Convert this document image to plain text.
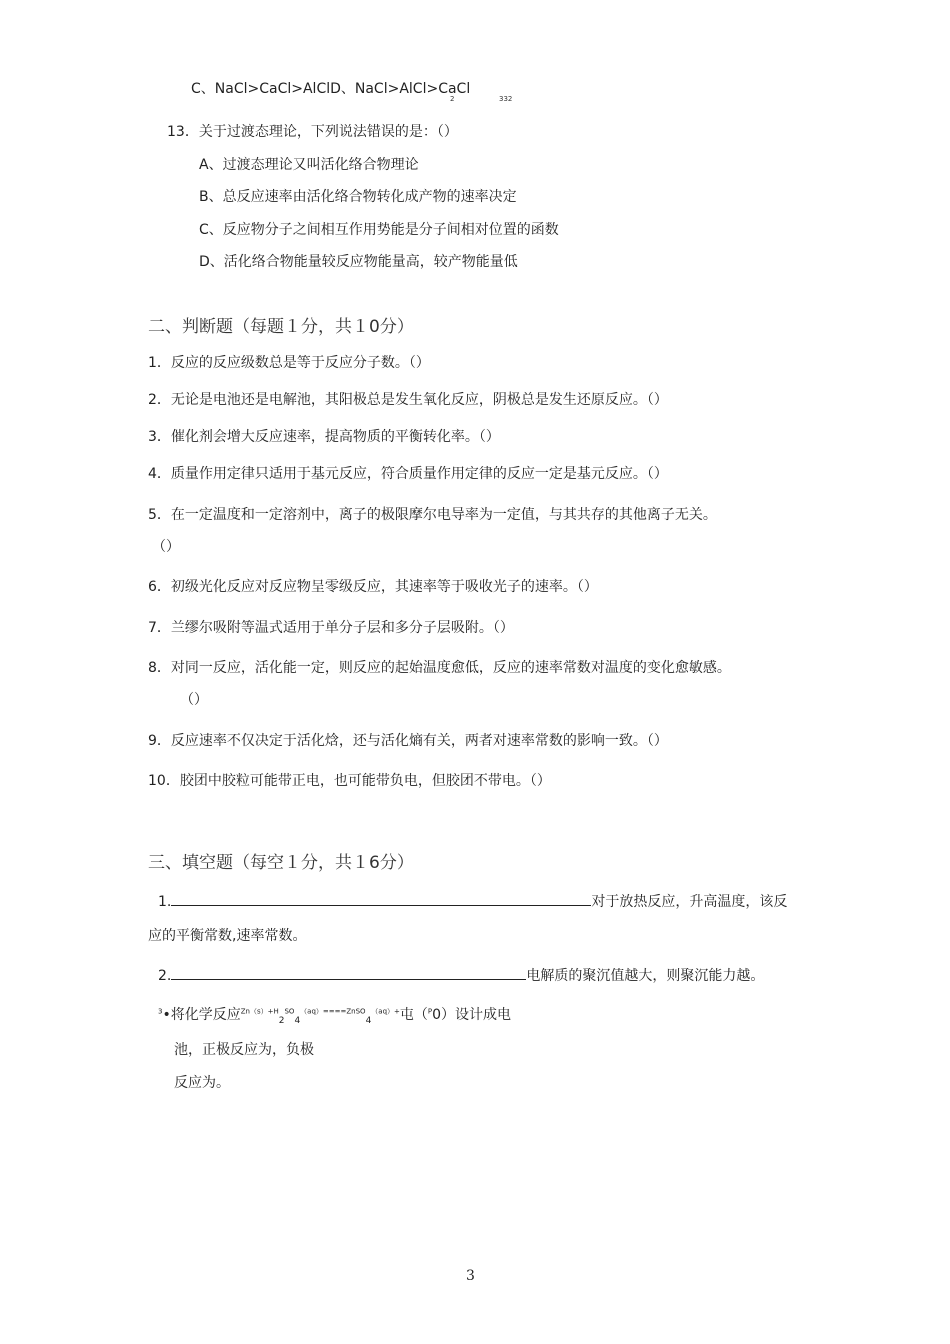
C、NaCl>CaCl>AlClD、NaCl>AlCl>CaCl
2	332
13．关于过渡态理论，下列说法错误的是：（）
A、过渡态理论又叫活化络合物理论
B、总反应速率由活化络合物转化成产物的速率决定
C、反应物分子之间相互作用势能是分子间相对位置的函数
D、活化络合物能量较反应物能量高，较产物能量低
二、判断题（每题１分，共１0分）
1．反应的反应级数总是等于反应分子数。（）
2．无论是电池还是电解池，其阳极总是发生氧化反应，阴极总是发生还原反应。（）
3．催化剂会增大反应速率，提高物质的平衡转化率。（）
4．质量作用定律只适用于基元反应，符合质量作用定律的反应一定是基元反应。（）
5．在一定温度和一定溶剂中，离子的极限摩尔电导率为一定值，与其共存的其他离子无关。
（）
6．初级光化反应对反应物呈零级反应，其速率等于吸收光子的速率。（）
7．兰缪尔吸附等温式适用于单分子层和多分子层吸附。（）
8．对同一反应，活化能一定，则反应的起始温度愈低，反应的速率常数对温度的变化愈敏感。
（）
9．反应速率不仅决定于活化焓，还与活化熵有关，两者对速率常数的影响一致。（）
10．胶团中胶粒可能带正电，也可能带负电，但胶团不带电。（）
三、填空题（每空１分，共１6分）
1.	对于放热反应，升高温度，该反
应的平衡常数,速率常数。
2.	电解质的聚沉值越大，则聚沉能力越。
$^3$•将化学反应$^{Zn(s)+H}_2^{SO}_4^{(aq)====ZnSO}_4^{(aq)+}$屯（$^P$0）设计成电
池，正极反应为，负极
反应为。
3
